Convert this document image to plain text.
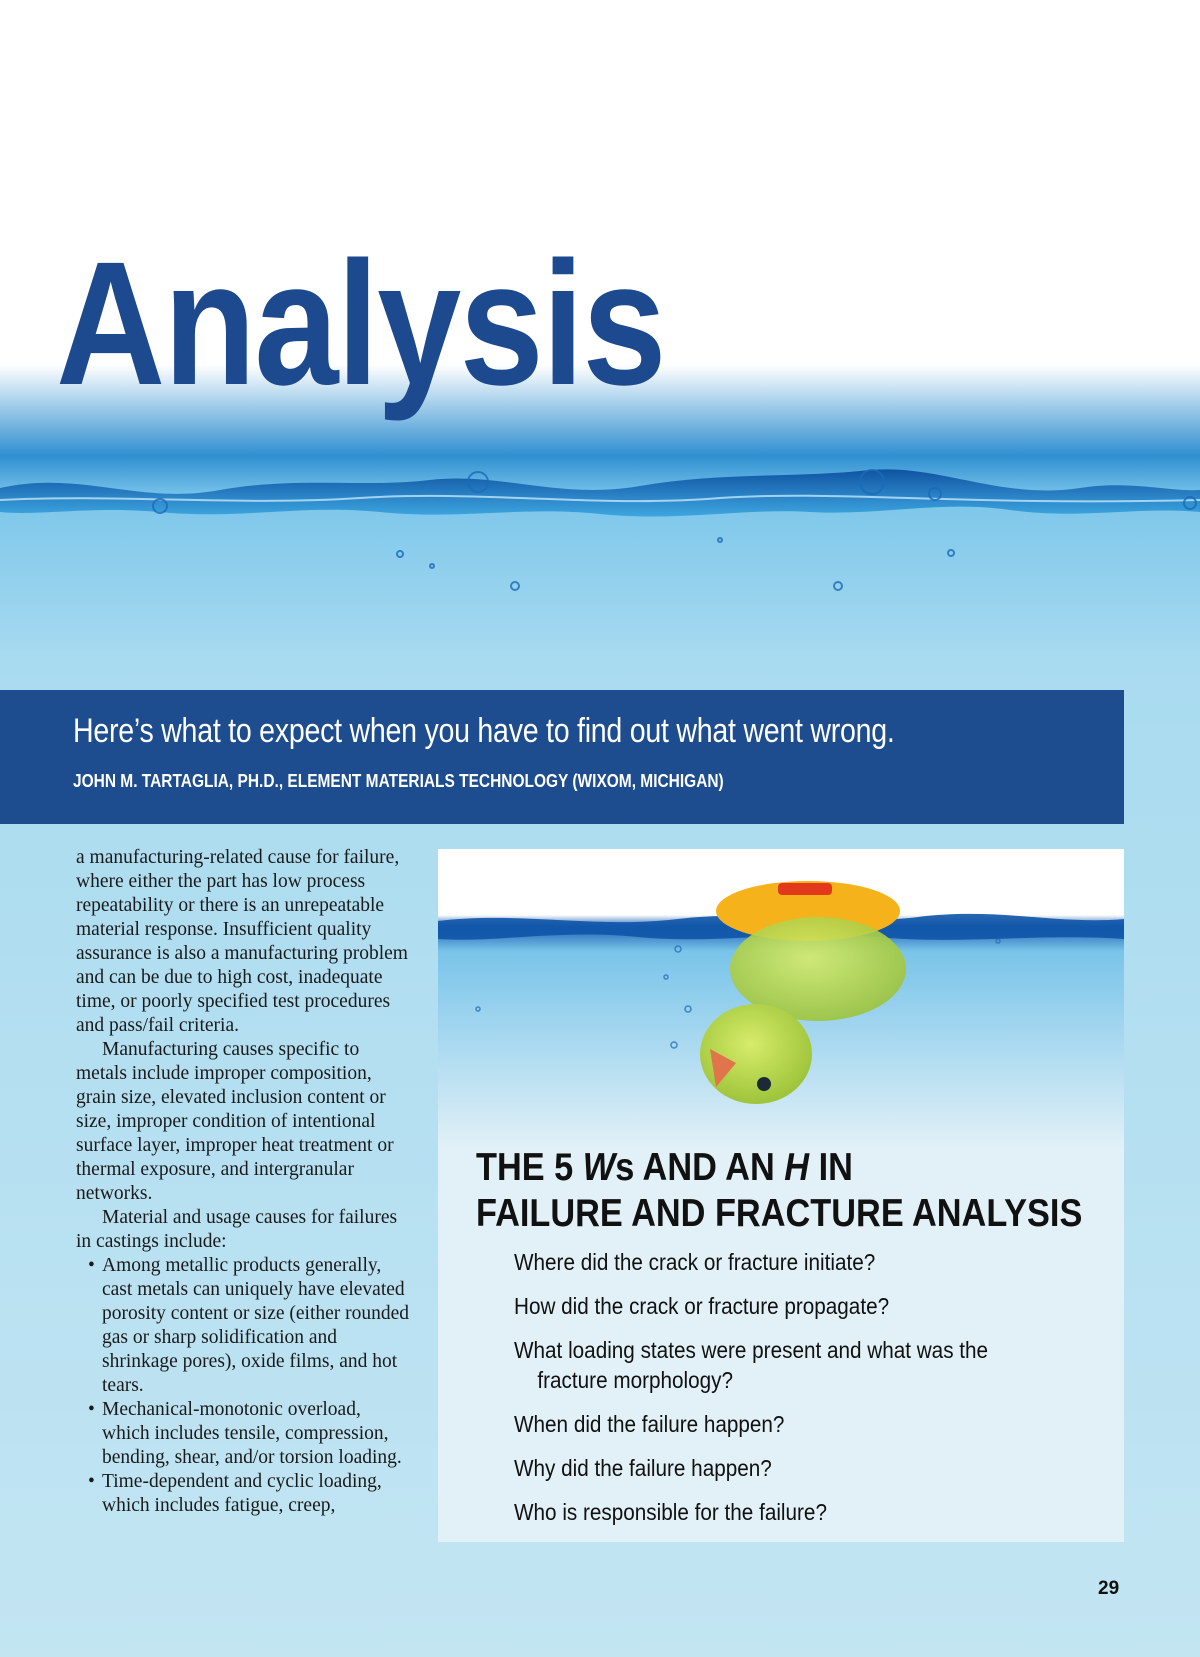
Analysis
Here’s what to expect when you have to find out what went wrong.
JOHN M. TARTAGLIA, PH.D., ELEMENT MATERIALS TECHNOLOGY (WIXOM, MICHIGAN)

a manufacturing-related cause for failure, where either the part has low process repeatability or there is an unrepeatable material response. Insufficient quality assurance is also a manufacturing problem and can be due to high cost, inadequate time, or poorly specified test procedures and pass/fail criteria.

Manufacturing causes specific to metals include improper composition, grain size, elevated inclusion content or size, improper condition of intentional surface layer, improper heat treatment or thermal exposure, and intergranular networks.

Material and usage causes for failures in castings include:

• Among metallic products generally, cast metals can uniquely have elevated porosity content or size (either rounded gas or sharp solidification and shrinkage pores), oxide films, and hot tears.
• Mechanical-monotonic overload, which includes tensile, compression, bending, shear, and/or torsion loading.
• Time-dependent and cyclic loading, which includes fatigue, creep,
THE 5 Ws AND AN H IN
FAILURE AND FRACTURE ANALYSIS
Where did the crack or fracture initiate?
How did the crack or fracture propagate?
What loading states were present and what was the
fracture morphology?
When did the failure happen?
Why did the failure happen?
Who is responsible for the failure?
29
